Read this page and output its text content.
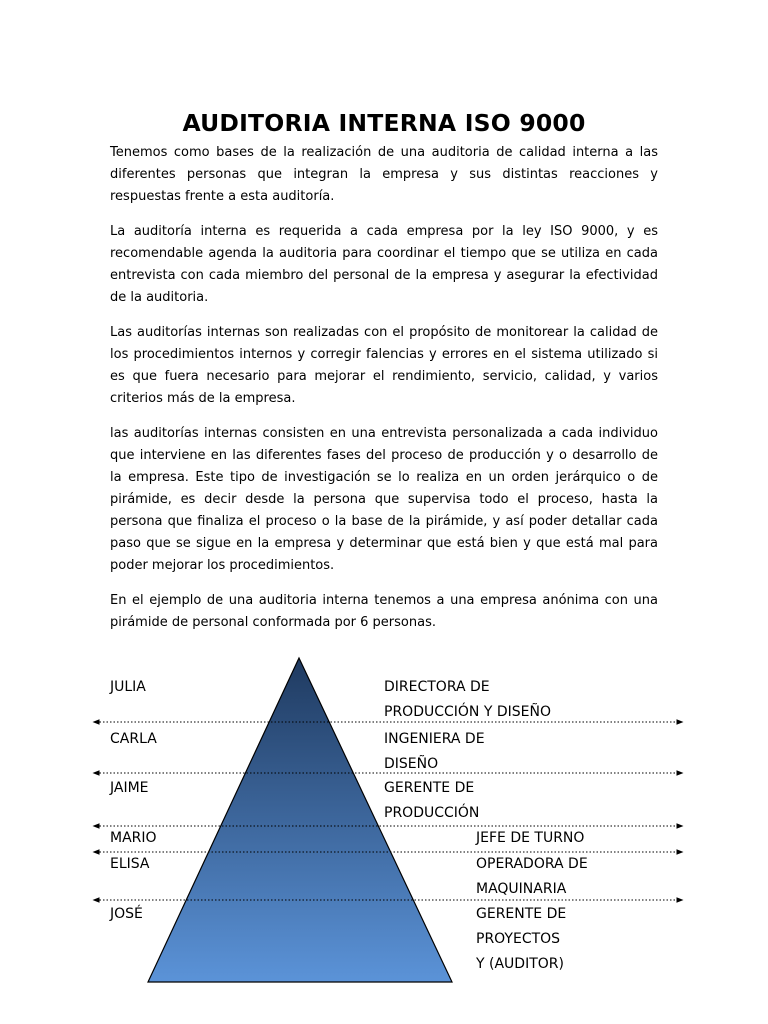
AUDITORIA INTERNA ISO 9000

Tenemos como bases de la realización de una auditoria de calidad interna a las diferentes personas que integran la empresa y sus distintas reacciones y respuestas frente a esta auditoría.

La auditoría interna es requerida a cada empresa por la ley ISO 9000, y es recomendable agenda la auditoria para coordinar el tiempo que se utiliza en cada entrevista con cada miembro del personal de la empresa y asegurar la efectividad de la auditoria.

Las auditorías internas son realizadas con el propósito de monitorear la calidad de los procedimientos internos y corregir falencias y errores en el sistema utilizado si es que fuera necesario para mejorar el rendimiento, servicio, calidad, y varios criterios más de la empresa.

las auditorías internas consisten en una entrevista personalizada a cada individuo que interviene en las diferentes fases del proceso de producción y o desarrollo de la empresa. Este tipo de investigación se lo realiza en un orden jerárquico o de pirámide, es decir desde la persona que supervisa todo el proceso, hasta la persona que finaliza el proceso o la base de la pirámide, y así poder detallar cada paso que se sigue en la empresa y determinar que está bien y que está mal para poder mejorar los procedimientos.

En el ejemplo de una auditoria interna tenemos a una empresa anónima con una pirámide de personal conformada por 6 personas.

JULIA	DIRECTORA DE
PRODUCCIÓN Y DISEÑO
CARLA	INGENIERA DE
DISEÑO
JAIME	GERENTE DE
PRODUCCIÓN
MARIO	JEFE DE TURNO
ELISA	OPERADORA DE
MAQUINARIA
JOSÉ	GERENTE DE
PROYECTOS
Y (AUDITOR)
